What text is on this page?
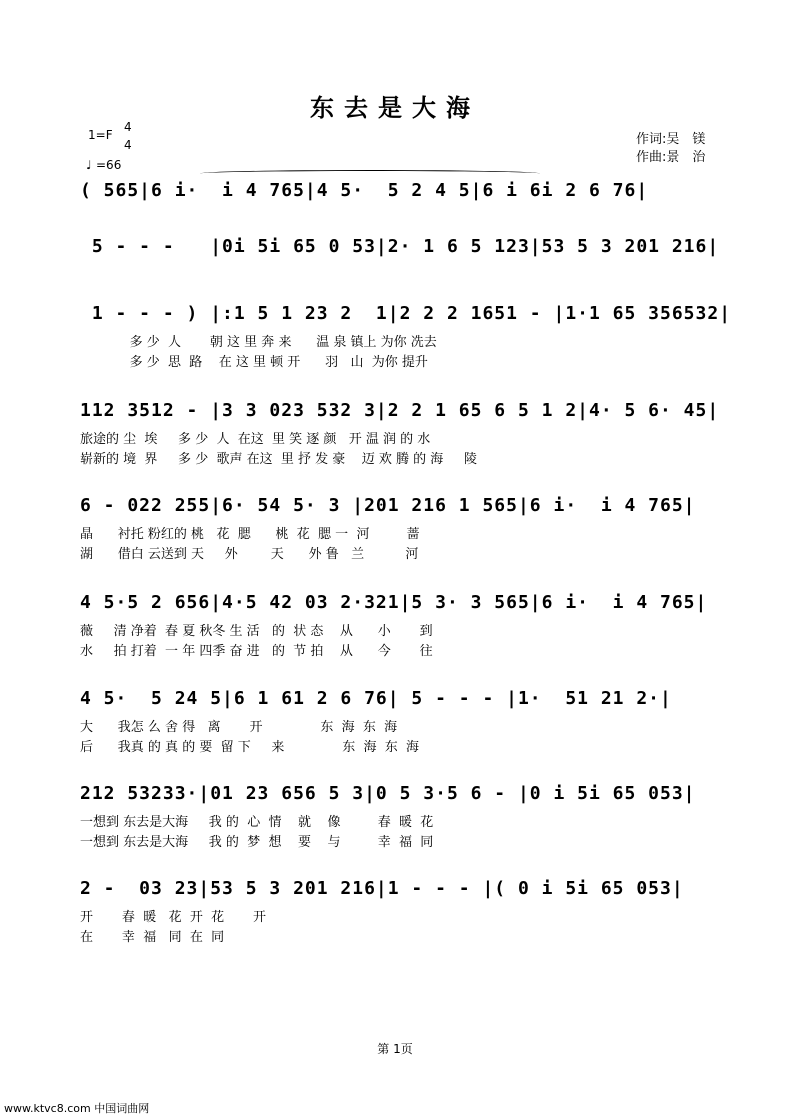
东去是大海
1=F
4
4
♩ =66
作词:吴　镁
作曲:景　治
( 565|6 i·  i 4 765|4 5·  5 2 4 5|6 i 6i 2 6 76|
5 - - -   |0i 5i 65 0 53|2· 1 6 5 123|53 5 3 201 216|
1 - - - ) |:1 5 1 23 2  1|2 2 2 1651 - |1·1 65 356532|
多 少  人       朝 这 里 奔 来      温 泉 镇上 为你 冼去
多 少  思  路    在 这 里 顿 开      羽   山  为你 提升
112 3512 - |3 3 023 532 3|2 2 1 65 6 5 1 2|4· 5 6· 45|
旅途的 尘  埃     多 少  人  在这  里 笑 逐 颜   开 温 润 的 水
崭新的 境  界     多 少  歌声 在这  里 抒 发 豪    迈 欢 腾 的 海     陵
6 - 022 255|6· 54 5· 3 |201 216 1 565|6 i·  i 4 765|
晶      衬托 粉红的 桃   花  腮      桃  花  腮 一  河         蔷
湖      借白 云送到 天     外        天      外 鲁   兰          河
4 5·5 2 656|4·5 42 03 2·321|5 3· 3 565|6 i·  i 4 765|
薇     清 净着  春 夏 秋冬 生 活   的  状 态    从      小       到
水     拍 打着  一 年 四季 奋 进   的  节 拍    从      今       往
4 5·  5 24 5|6 1 61 2 6 76| 5 - - - |1·  51 21 2·|
大      我怎 么 舍 得   离       开              东  海  东  海
后      我真 的 真 的 要  留 下     来              东  海  东  海
212 53233·|01 23 656 5 3|0 5 3·5 6 - |0 i 5i 65 053|
一想到 东去是大海     我 的  心  情    就    像         春  暖  花
一想到 东去是大海     我 的  梦  想    要    与         幸  福  同
2 -  03 23|53 5 3 201 216|1 - - - |( 0 i 5i 65 053|
开       春  暖   花  开  花       开
在       幸  福   同  在  同
第 1页
www.ktvc8.com 中国词曲网
